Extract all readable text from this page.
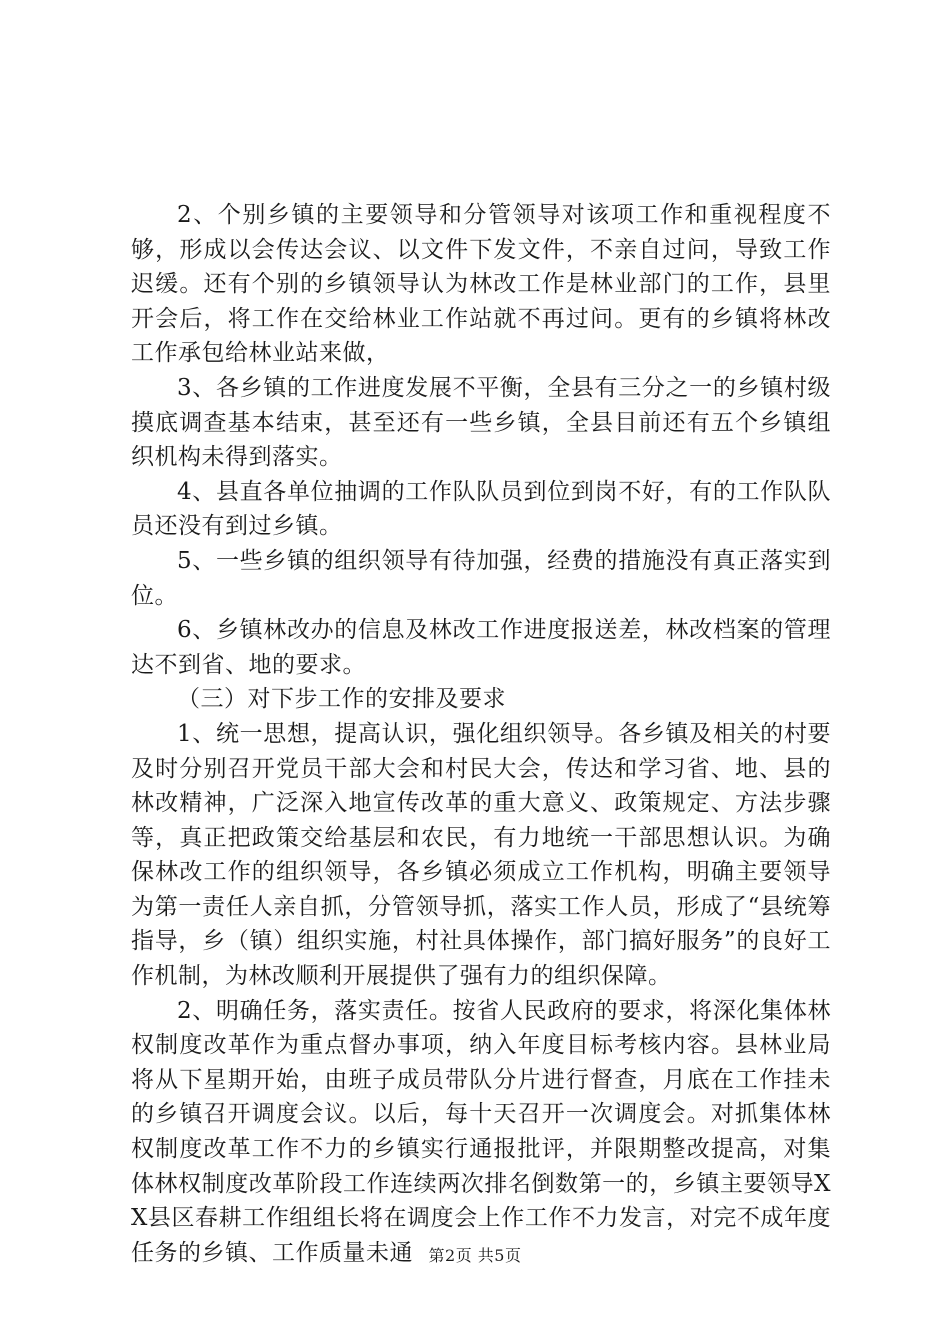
2、个别乡镇的主要领导和分管领导对该项工作和重视程度不够，形成以会传达会议、以文件下发文件，不亲自过问，导致工作迟缓。还有个别的乡镇领导认为林改工作是林业部门的工作，县里开会后，将工作在交给林业工作站就不再过问。更有的乡镇将林改工作承包给林业站来做，

3、各乡镇的工作进度发展不平衡，全县有三分之一的乡镇村级摸底调查基本结束，甚至还有一些乡镇，全县目前还有五个乡镇组织机构未得到落实。

4、县直各单位抽调的工作队队员到位到岗不好，有的工作队队员还没有到过乡镇。

5、一些乡镇的组织领导有待加强，经费的措施没有真正落实到位。

6、乡镇林改办的信息及林改工作进度报送差，林改档案的管理达不到省、地的要求。

（三）对下步工作的安排及要求

1、统一思想，提高认识，强化组织领导。各乡镇及相关的村要及时分别召开党员干部大会和村民大会，传达和学习省、地、县的林改精神，广泛深入地宣传改革的重大意义、政策规定、方法步骤等，真正把政策交给基层和农民，有力地统一干部思想认识。为确保林改工作的组织领导，各乡镇必须成立工作机构，明确主要领导为第一责任人亲自抓，分管领导抓，落实工作人员，形成了“县统筹指导，乡（镇）组织实施，村社具体操作，部门搞好服务”的良好工作机制，为林改顺利开展提供了强有力的组织保障。

2、明确任务，落实责任。按省人民政府的要求，将深化集体林权制度改革作为重点督办事项，纳入年度目标考核内容。县林业局将从下星期开始，由班子成员带队分片进行督查，月底在工作挂未的乡镇召开调度会议。以后，每十天召开一次调度会。对抓集体林权制度改革工作不力的乡镇实行通报批评，并限期整改提高，对集体林权制度改革阶段工作连续两次排名倒数第一的，乡镇主要领导XX县区春耕工作组组长将在调度会上作工作不力发言，对完不成年度任务的乡镇、工作质量未通 第2页 共5页
